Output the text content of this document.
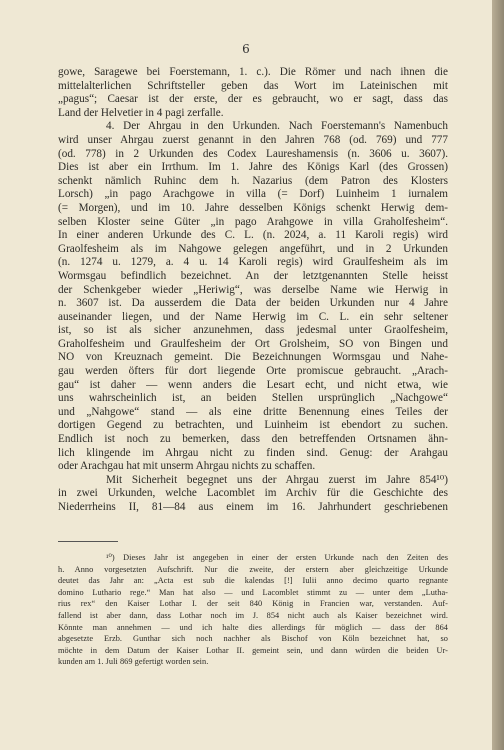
6
gowe, Saragewe bei Foerstemann, 1. c.). Die Römer und nach ihnen die
mittelalterlichen Schriftsteller geben das Wort im Lateinischen mit
„pagus“; Caesar ist der erste, der es gebraucht, wo er sagt, dass das
Land der Helvetier in 4 pagi zerfalle.
4. Der Ahrgau in den Urkunden. Nach Foerstemann's Namenbuch
wird unser Ahrgau zuerst genannt in den Jahren 768 (od. 769) und 777
(od. 778) in 2 Urkunden des Codex Laureshamensis (n. 3606 u. 3607).
Dies ist aber ein Irrthum. Im 1. Jahre des Königs Karl (des Grossen)
schenkt nämlich Ruhinc dem h. Nazarius (dem Patron des Klosters
Lorsch) „in pago Arachgowe in villa (= Dorf) Luinheim 1 iurnalem
(= Morgen), und im 10. Jahre desselben Königs schenkt Herwig dem-
selben Kloster seine Güter „in pago Arahgowe in villa Graholfesheim“.
In einer anderen Urkunde des C. L. (n. 2024, a. 11 Karoli regis) wird
Graolfesheim als im Nahgowe gelegen angeführt, und in 2 Urkunden
(n. 1274 u. 1279, a. 4 u. 14 Karoli regis) wird Graulfesheim als im
Wormsgau befindlich bezeichnet. An der letztgenannten Stelle heisst
der Schenkgeber wieder „Heriwig“, was derselbe Name wie Herwig in
n. 3607 ist. Da ausserdem die Data der beiden Urkunden nur 4 Jahre
auseinander liegen, und der Name Herwig im C. L. ein sehr seltener
ist, so ist als sicher anzunehmen, dass jedesmal unter Graolfesheim,
Graholfesheim und Graulfesheim der Ort Grolsheim, SO von Bingen und
NO von Kreuznach gemeint. Die Bezeichnungen Wormsgau und Nahe-
gau werden öfters für dort liegende Orte promiscue gebraucht. „Arach-
gau“ ist daher — wenn anders die Lesart echt, und nicht etwa, wie
uns wahrscheinlich ist, an beiden Stellen ursprünglich „Nachgowe“
und „Nahgowe“ stand — als eine dritte Benennung eines Teiles der
dortigen Gegend zu betrachten, und Luinheim ist ebendort zu suchen.
Endlich ist noch zu bemerken, dass den betreffenden Ortsnamen ähn-
lich klingende im Ahrgau nicht zu finden sind. Genug: der Arahgau
oder Arachgau hat mit unserm Ahrgau nichts zu schaffen.
Mit Sicherheit begegnet uns der Ahrgau zuerst im Jahre 854¹⁰)
in zwei Urkunden, welche Lacomblet im Archiv für die Geschichte des
Niederrheins II, 81—84 aus einem im 16. Jahrhundert geschriebenen
¹⁰) Dieses Jahr ist angegeben in einer der ersten Urkunde nach den Zeiten des
h. Anno vorgesetzten Aufschrift. Nur die zweite, der erstern aber gleichzeitige Urkunde
deutet das Jahr an: „Acta est sub die kalendas [!] Iulii anno decimo quarto regnante
domino Luthario rege.“ Man hat also — und Lacomblet stimmt zu — unter dem „Lutha-
rius rex“ den Kaiser Lothar I. der seit 840 König in Francien war, verstanden. Auf-
fallend ist aber dann, dass Lothar noch im J. 854 nicht auch als Kaiser bezeichnet wird.
Könnte man annehmen — und ich halte dies allerdings für möglich — dass der 864
abgesetzte Erzb. Gunthar sich noch nachher als Bischof von Köln bezeichnet hat, so
möchte in dem Datum der Kaiser Lothar II. gemeint sein, und dann würden die beiden Ur-
kunden am 1. Juli 869 gefertigt worden sein.
